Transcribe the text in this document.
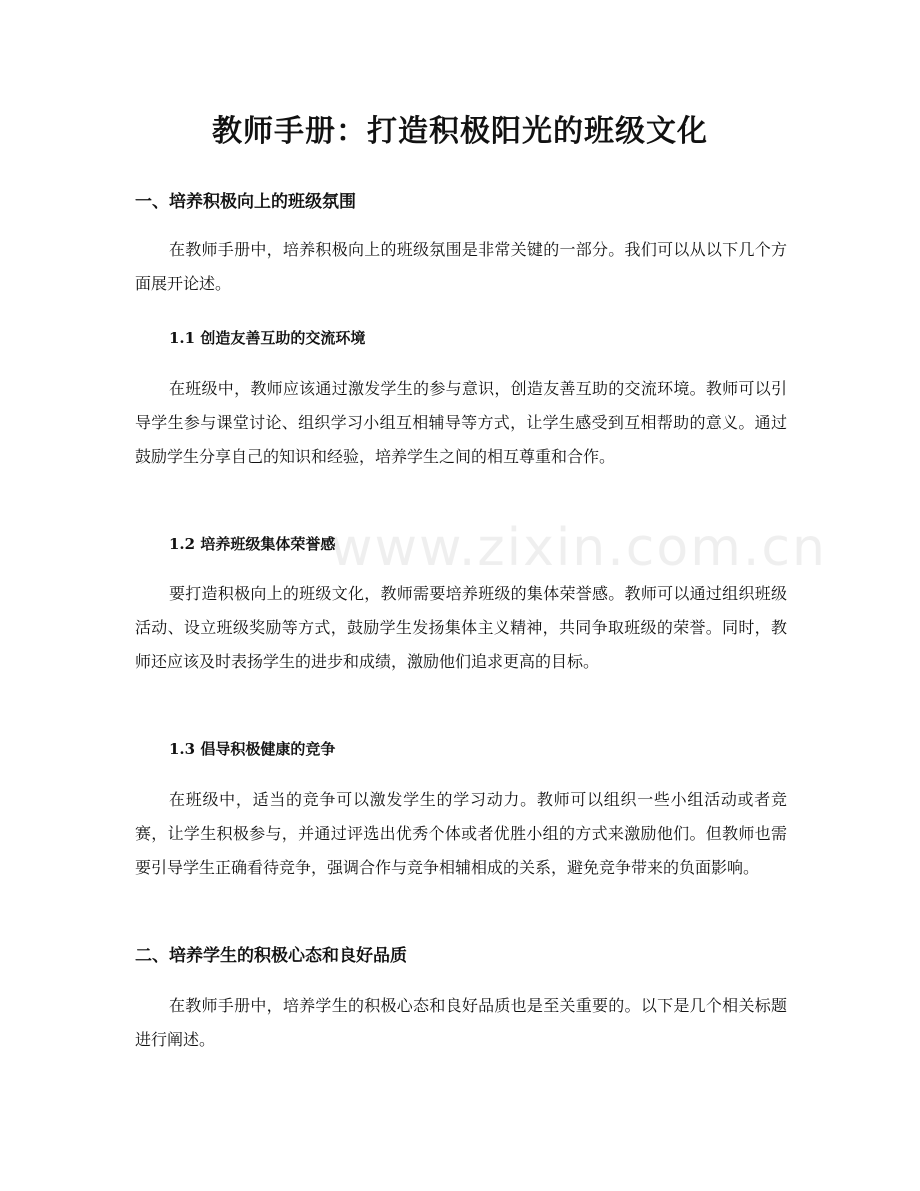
www.zixin.com.cn
教师手册：打造积极阳光的班级文化
一、培养积极向上的班级氛围

在教师手册中，培养积极向上的班级氛围是非常关键的一部分。我们可以从以下几个方面展开论述。

1.1 创造友善互助的交流环境

在班级中，教师应该通过激发学生的参与意识，创造友善互助的交流环境。教师可以引导学生参与课堂讨论、组织学习小组互相辅导等方式，让学生感受到互相帮助的意义。通过鼓励学生分享自己的知识和经验，培养学生之间的相互尊重和合作。

1.2 培养班级集体荣誉感

要打造积极向上的班级文化，教师需要培养班级的集体荣誉感。教师可以通过组织班级活动、设立班级奖励等方式，鼓励学生发扬集体主义精神，共同争取班级的荣誉。同时，教师还应该及时表扬学生的进步和成绩，激励他们追求更高的目标。

1.3 倡导积极健康的竞争

在班级中，适当的竞争可以激发学生的学习动力。教师可以组织一些小组活动或者竞赛，让学生积极参与，并通过评选出优秀个体或者优胜小组的方式来激励他们。但教师也需要引导学生正确看待竞争，强调合作与竞争相辅相成的关系，避免竞争带来的负面影响。

二、培养学生的积极心态和良好品质

在教师手册中，培养学生的积极心态和良好品质也是至关重要的。以下是几个相关标题进行阐述。
